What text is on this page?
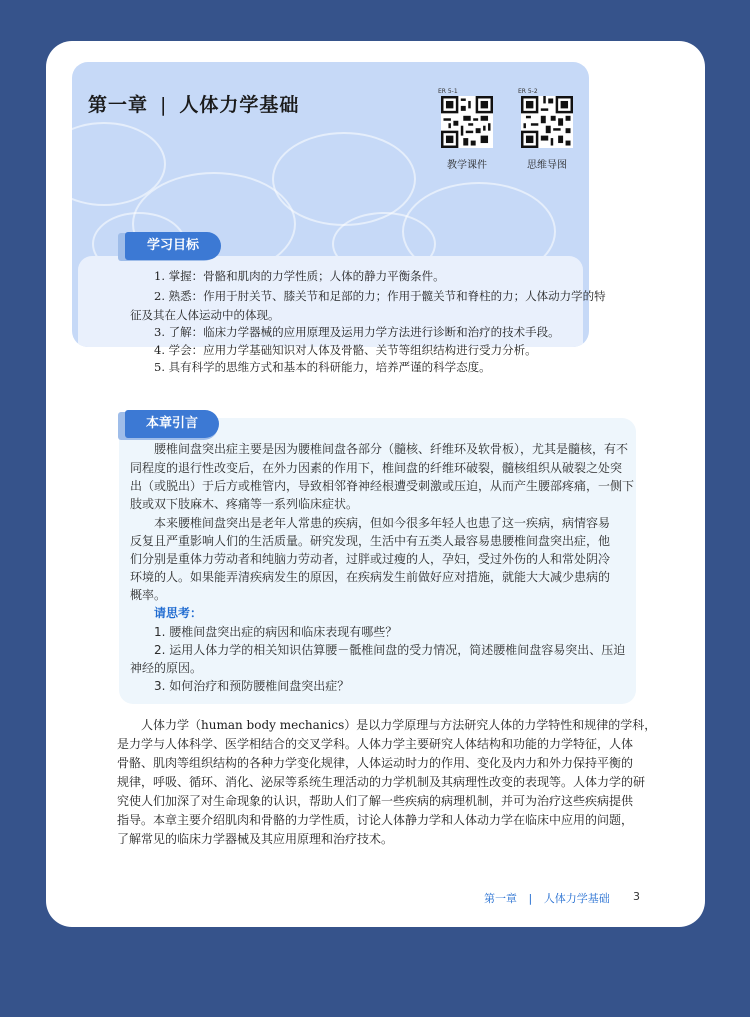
第一章 | 人体力学基础
ER 5-1
教学课件
ER 5-2
思维导图
学习目标
1. 掌握：骨骼和肌肉的力学性质；人体的静力平衡条件。
2. 熟悉：作用于肘关节、膝关节和足部的力；作用于髋关节和脊柱的力；人体动力学的特
征及其在人体运动中的体现。
3. 了解：临床力学器械的应用原理及运用力学方法进行诊断和治疗的技术手段。
4. 学会：应用力学基础知识对人体及骨骼、关节等组织结构进行受力分析。
5. 具有科学的思维方式和基本的科研能力，培养严谨的科学态度。
本章引言
　　腰椎间盘突出症主要是因为腰椎间盘各部分（髓核、纤维环及软骨板），尤其是髓核，有不
同程度的退行性改变后，在外力因素的作用下，椎间盘的纤维环破裂，髓核组织从破裂之处突
出（或脱出）于后方或椎管内，导致相邻脊神经根遭受刺激或压迫，从而产生腰部疼痛，一侧下
肢或双下肢麻木、疼痛等一系列临床症状。
　　本来腰椎间盘突出是老年人常患的疾病，但如今很多年轻人也患了这一疾病，病情容易
反复且严重影响人们的生活质量。研究发现，生活中有五类人最容易患腰椎间盘突出症，他
们分别是重体力劳动者和纯脑力劳动者，过胖或过瘦的人，孕妇，受过外伤的人和常处阴冷
环境的人。如果能弄清疾病发生的原因，在疾病发生前做好应对措施，就能大大减少患病的
概率。
请思考：
　　1. 腰椎间盘突出症的病因和临床表现有哪些？
　　2. 运用人体力学的相关知识估算腰－骶椎间盘的受力情况，简述腰椎间盘容易突出、压迫
神经的原因。
　　3. 如何治疗和预防腰椎间盘突出症？
　　人体力学（human body mechanics）是以力学原理与方法研究人体的力学特性和规律的学科，
是力学与人体科学、医学相结合的交叉学科。人体力学主要研究人体结构和功能的力学特征，人体
骨骼、肌肉等组织结构的各种力学变化规律，人体运动时力的作用、变化及内力和外力保持平衡的
规律，呼吸、循环、消化、泌尿等系统生理活动的力学机制及其病理性改变的表现等。人体力学的研
究使人们加深了对生命现象的认识，帮助人们了解一些疾病的病理机制，并可为治疗这些疾病提供
指导。本章主要介绍肌肉和骨骼的力学性质，讨论人体静力学和人体动力学在临床中应用的问题，
了解常见的临床力学器械及其应用原理和治疗技术。
第一章 | 人体力学基础 3
